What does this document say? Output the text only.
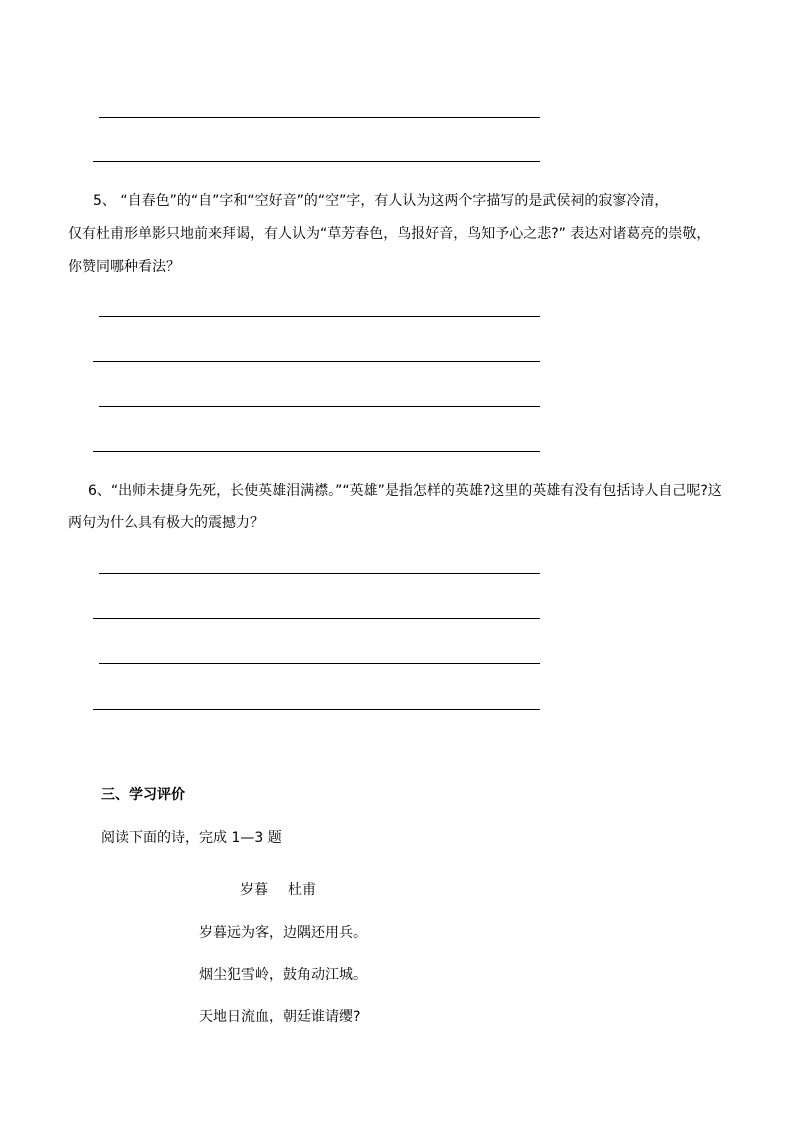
5、 “自春色”的“自”字和“空好音”的“空”字，有人认为这两个字描写的是武侯祠的寂寥冷清，
仅有杜甫形单影只地前来拜谒，有人认为“草芳春色，鸟报好音，鸟知予心之悲?” 表达对诸葛亮的崇敬，
你赞同哪种看法？
6、“出师未捷身先死，长使英雄泪满襟。”“英雄”是指怎样的英雄?这里的英雄有没有包括诗人自己呢?这
两句为什么具有极大的震撼力？
三、学习评价
阅读下面的诗，完成 1—3 题
岁暮 杜甫
岁暮远为客，边隅还用兵。
烟尘犯雪岭，鼓角动江城。
天地日流血，朝廷谁请缨?
